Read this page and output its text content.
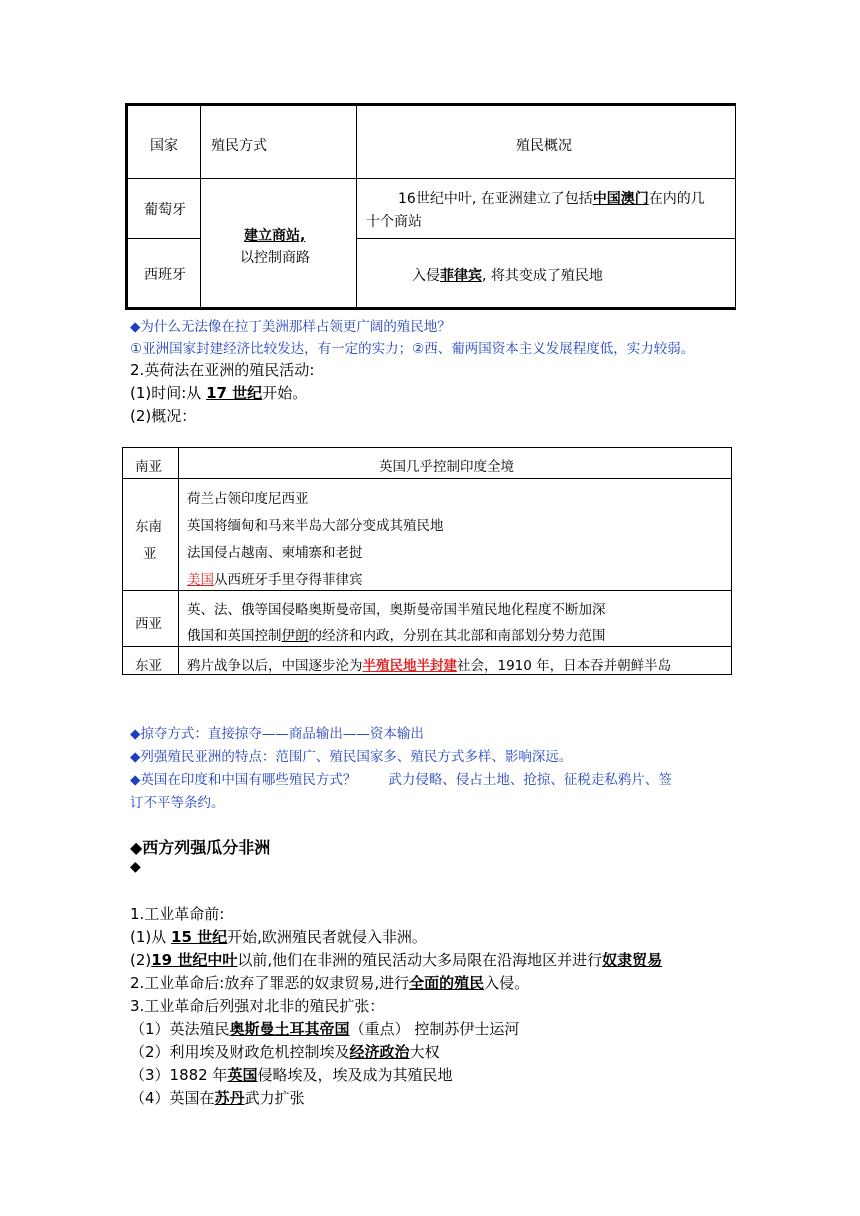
国家 殖民方式	殖民概况
葡萄牙
西班牙
建立商站,
以控制商路
16世纪中叶, 在亚洲建立了包括中国澳门在内的几
十个商站
入侵菲律宾, 将其变成了殖民地
◆为什么无法像在拉丁美洲那样占领更广阔的殖民地？
①亚洲国家封建经济比较发达，有一定的实力；②西、葡两国资本主义发展程度低，实力较弱。
2.英荷法在亚洲的殖民活动:
(1)时间:从 17 世纪开始。
(2)概况：
南亚	英国几乎控制印度全境
东南
亚
荷兰占领印度尼西亚
英国将缅甸和马来半岛大部分变成其殖民地
法国侵占越南、柬埔寨和老挝
美国从西班牙手里夺得菲律宾
西亚
英、法、俄等国侵略奥斯曼帝国，奥斯曼帝国半殖民地化程度不断加深
俄国和英国控制伊朗的经济和内政，分别在其北部和南部划分势力范围
东亚 鸦片战争以后，中国逐步沦为半殖民地半封建社会，1910 年，日本吞并朝鲜半岛
◆掠夺方式：直接掠夺——商品输出——资本输出
◆列强殖民亚洲的特点：范围广、殖民国家多、殖民方式多样、影响深远。
◆英国在印度和中国有哪些殖民方式？ 武力侵略、侵占土地、抢掠、征税走私鸦片、签
订不平等条约。
◆西方列强瓜分非洲
◆
1.工业革命前:
(1)从 15 世纪开始,欧洲殖民者就侵入非洲。
(2)19 世纪中叶以前,他们在非洲的殖民活动大多局限在沿海地区并进行奴隶贸易
2.工业革命后:放弃了罪恶的奴隶贸易,进行全面的殖民入侵。
3.工业革命后列强对北非的殖民扩张：
（1）英法殖民奥斯曼土耳其帝国（重点） 控制苏伊士运河
（2）利用埃及财政危机控制埃及经济政治大权
（3）1882 年英国侵略埃及，埃及成为其殖民地
（4）英国在苏丹武力扩张
